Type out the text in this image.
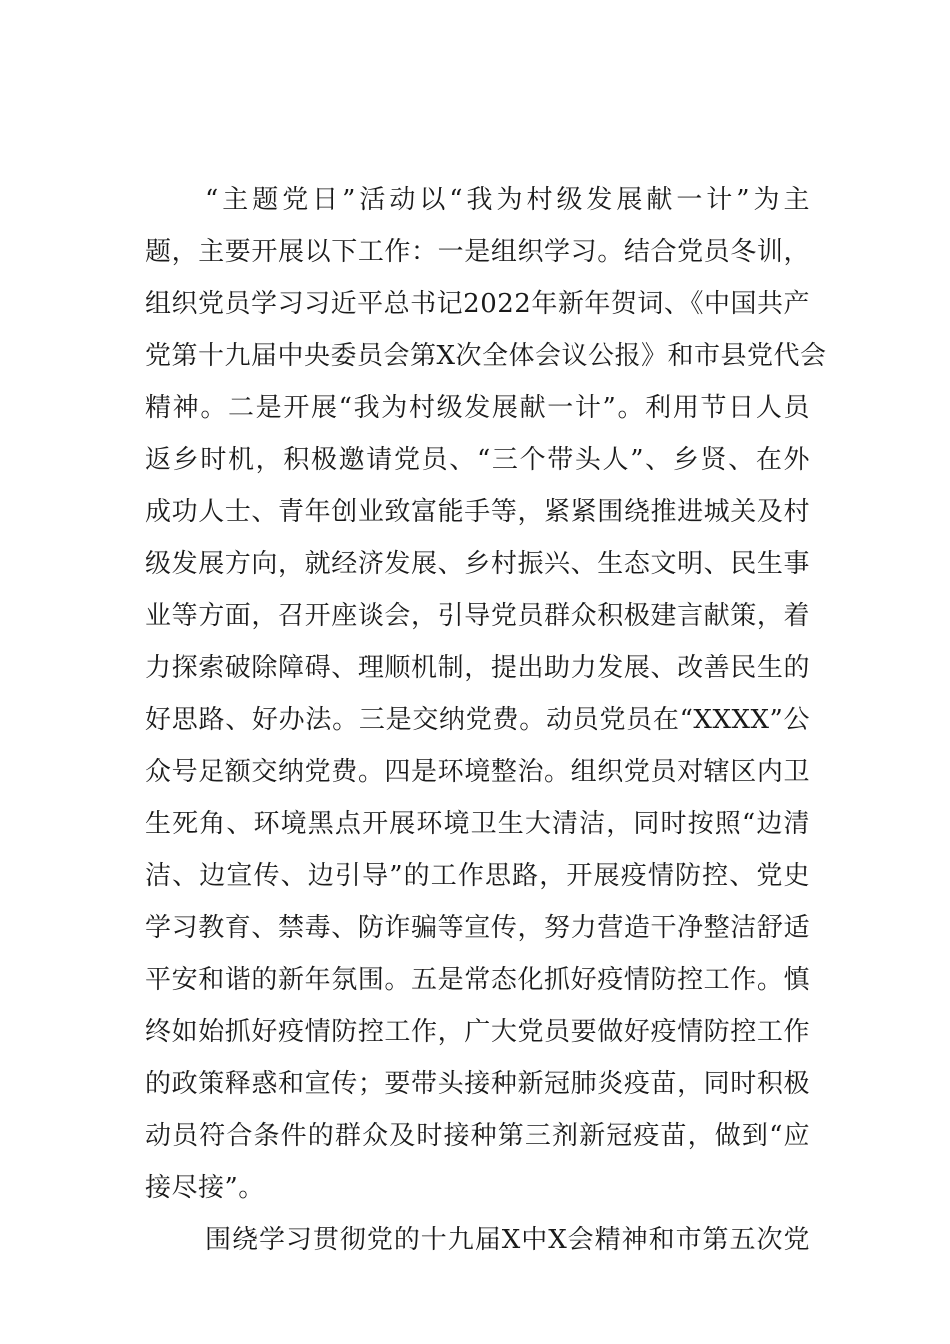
“主题党日”活动以“我为村级发展献一计”为主
题，主要开展以下工作：一是组织学习。结合党员冬训，
组织党员学习习近平总书记2022年新年贺词、《中国共产
党第十九届中央委员会第X次全体会议公报》和市县党代会
精神。二是开展“我为村级发展献一计”。利用节日人员
返乡时机，积极邀请党员、“三个带头人”、乡贤、在外
成功人士、青年创业致富能手等，紧紧围绕推进城关及村
级发展方向，就经济发展、乡村振兴、生态文明、民生事
业等方面，召开座谈会，引导党员群众积极建言献策，着
力探索破除障碍、理顺机制，提出助力发展、改善民生的
好思路、好办法。三是交纳党费。动员党员在“XXXX”公
众号足额交纳党费。四是环境整治。组织党员对辖区内卫
生死角、环境黑点开展环境卫生大清洁，同时按照“边清
洁、边宣传、边引导”的工作思路，开展疫情防控、党史
学习教育、禁毒、防诈骗等宣传，努力营造干净整洁舒适
平安和谐的新年氛围。五是常态化抓好疫情防控工作。慎
终如始抓好疫情防控工作，广大党员要做好疫情防控工作
的政策释惑和宣传；要带头接种新冠肺炎疫苗，同时积极
动员符合条件的群众及时接种第三剂新冠疫苗，做到“应
接尽接”。
围绕学习贯彻党的十九届X中X会精神和市第五次党
